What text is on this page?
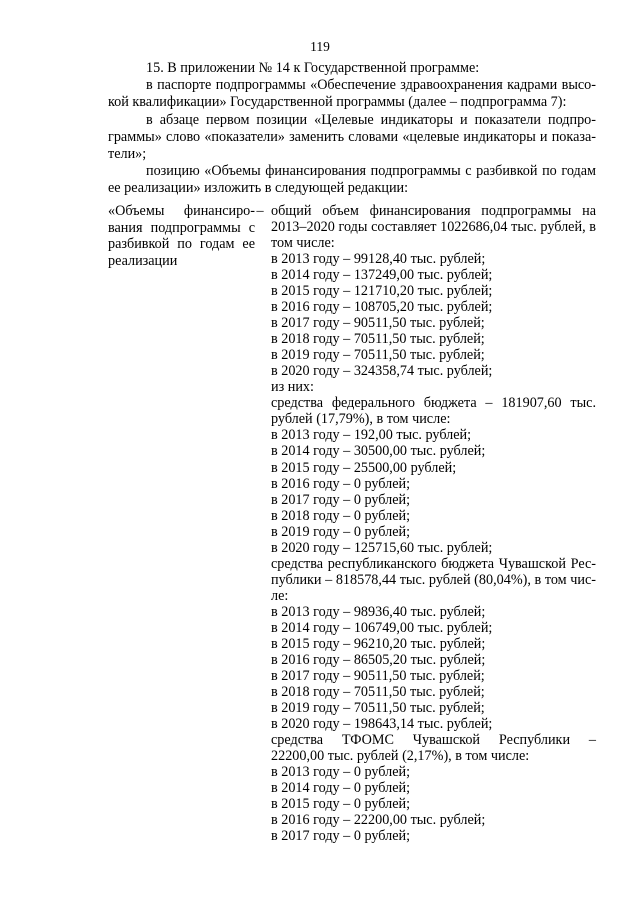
119

15. В приложении № 14 к Государственной программе:

в паспорте подпрограммы «Обеспечение здравоохранения кадрами высо-

кой квалификации» Государственной программы (далее – подпрограмма 7):

в абзаце первом позиции «Целевые индикаторы и показатели подпро-

граммы» слово «показатели» заменить словами «целевые индикаторы и показа-

тели»;

позицию «Объемы финансирования подпрограммы с разбивкой по годам

ее реализации» изложить в следующей редакции:

«Объемы финансиро-
вания подпрограммы с
разбивкой по годам ее
реализации
– общий объем финансирования подпрограммы на
2013–2020 годы составляет 1022686,04 тыс. рублей, в
том числе:
в 2013 году – 99128,40 тыс. рублей;
в 2014 году – 137249,00 тыс. рублей;
в 2015 году – 121710,20 тыс. рублей;
в 2016 году – 108705,20 тыс. рублей;
в 2017 году – 90511,50 тыс. рублей;
в 2018 году – 70511,50 тыс. рублей;
в 2019 году – 70511,50 тыс. рублей;
в 2020 году – 324358,74 тыс. рублей;
из них:
средства федерального бюджета – 181907,60 тыс.
рублей (17,79%), в том числе:
в 2013 году – 192,00 тыс. рублей;
в 2014 году – 30500,00 тыс. рублей;
в 2015 году – 25500,00 рублей;
в 2016 году – 0 рублей;
в 2017 году – 0 рублей;
в 2018 году – 0 рублей;
в 2019 году – 0 рублей;
в 2020 году – 125715,60 тыс. рублей;
средства республиканского бюджета Чувашской Рес-
публики – 818578,44 тыс. рублей (80,04%), в том чис-
ле:
в 2013 году – 98936,40 тыс. рублей;
в 2014 году – 106749,00 тыс. рублей;
в 2015 году – 96210,20 тыс. рублей;
в 2016 году – 86505,20 тыс. рублей;
в 2017 году – 90511,50 тыс. рублей;
в 2018 году – 70511,50 тыс. рублей;
в 2019 году – 70511,50 тыс. рублей;
в 2020 году – 198643,14 тыс. рублей;
средства ТФОМС Чувашской Республики –
22200,00 тыс. рублей (2,17%), в том числе:
в 2013 году – 0 рублей;
в 2014 году – 0 рублей;
в 2015 году – 0 рублей;
в 2016 году – 22200,00 тыс. рублей;
в 2017 году – 0 рублей;
